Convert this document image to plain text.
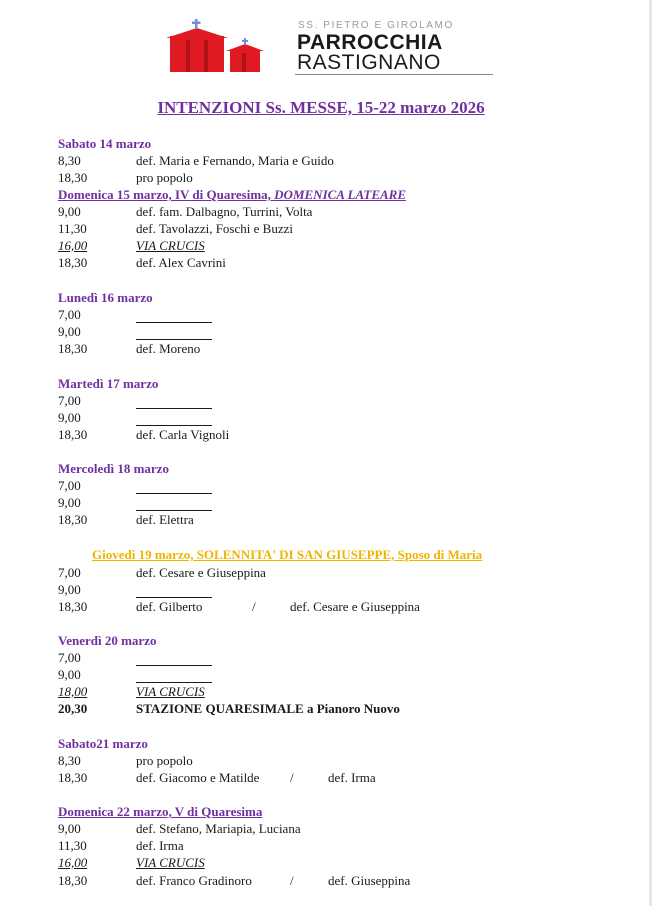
SS. PIETRO E GIROLAMO
PARROCCHIA
RASTIGNANO
INTENZIONI Ss. MESSE, 15-22 marzo 2026
Sabato 14 marzo
8,30	def. Maria e Fernando, Maria e Guido
18,30	pro popolo
Domenica 15 marzo, IV di Quaresima, DOMENICA LATEARE
9,00	def. fam. Dalbagno, Turrini, Volta
11,30	def. Tavolazzi, Foschi e Buzzi
16,00	VIA CRUCIS
18,30	def. Alex Cavrini
Lunedì 16 marzo
7,00
9,00
18,30	def. Moreno
Martedì 17 marzo
7,00
9,00
18,30	def. Carla Vignoli
Mercoledì 18 marzo
7,00
9,00
18,30	def. Elettra
Giovedì 19 marzo, SOLENNITA' DI SAN GIUSEPPE, Sposo di Maria
7,00	def. Cesare e Giuseppina
9,00
18,30	def. Gilberto	/	def. Cesare e Giuseppina
Venerdì 20 marzo
7,00
9,00
18,00	VIA CRUCIS
20,30	STAZIONE QUARESIMALE a Pianoro Nuovo
Sabato21 marzo
8,30	pro popolo
18,30	def. Giacomo e Matilde /	def. Irma
Domenica 22 marzo, V di Quaresima
9,00	def. Stefano, Mariapia, Luciana
11,30	def. Irma
16,00	VIA CRUCIS
18,30	def. Franco Gradinoro	/	def. Giuseppina
